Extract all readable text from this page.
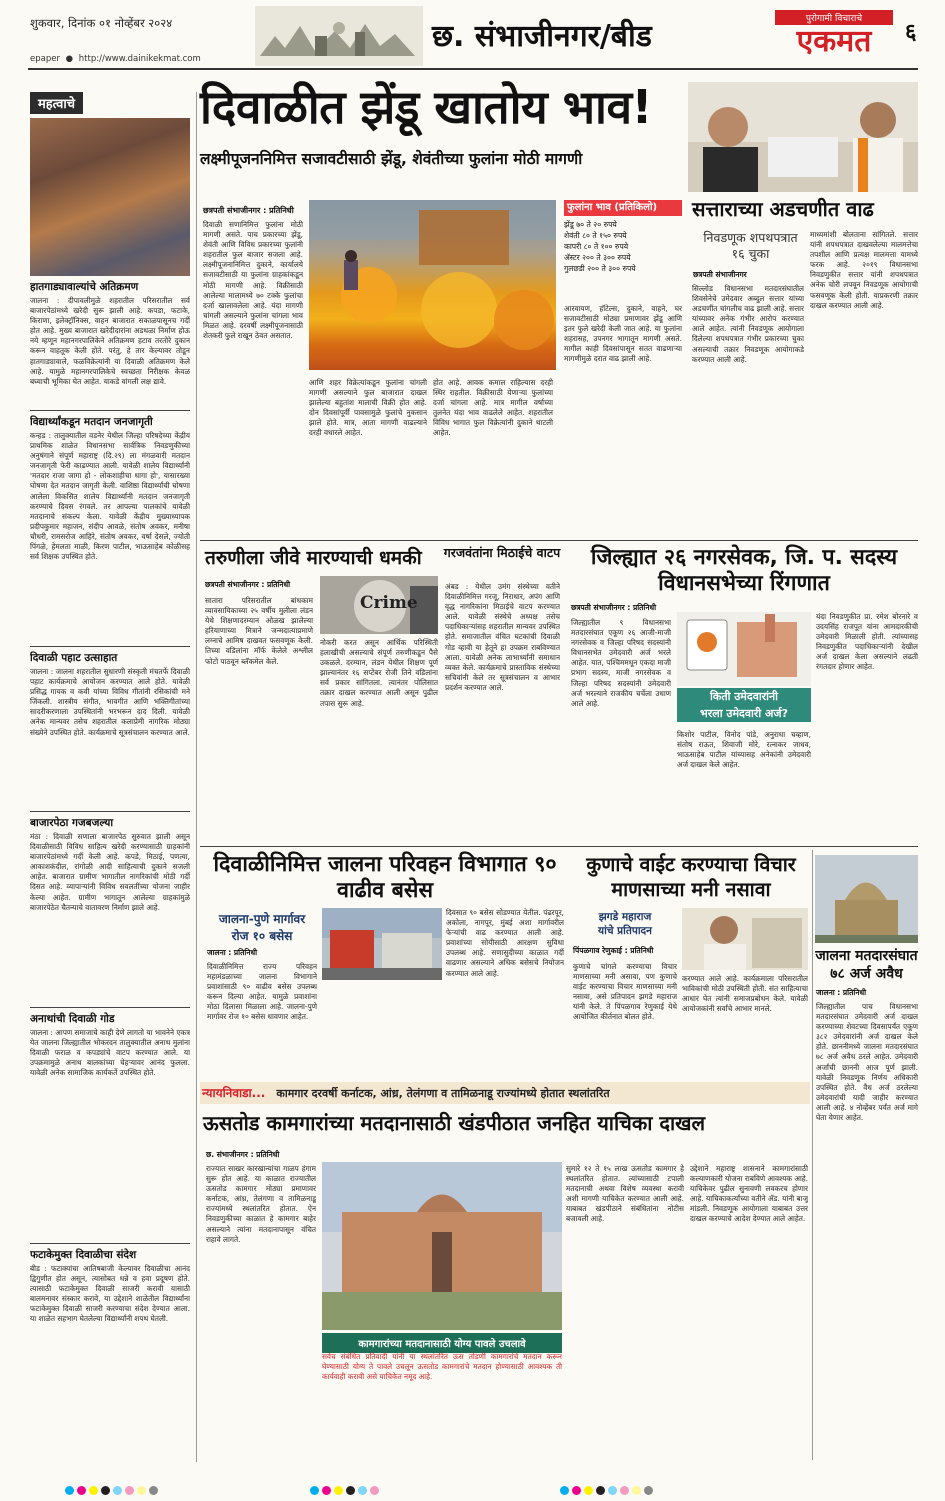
शुकवार, दिनांक ०१ नोव्हेंबर २०२४
epaper ● http://www.dainikekmat.com
छ. संभाजीनगर/बीड	पुरोगामी विचाराचे
एकमत	६
महत्वाचे
हातगाड्यावाल्यांचे अतिक्रमण

जालना : दीपावलीमुळे शहरातील परिसरातील सर्व बाजारपेठांमध्ये खरेदी सुरू झाली आहे. कपडा, फटाके, किराणा, इलेक्ट्रॉनिक्स, वाहन बाजारात सकाळपासूनच गर्दी होत आहे. मुख्य बाजारात खरेदीदारांना अडथळा निर्माण होऊ नये म्हणून महानगरपालिकेने अतिक्रमण हटाव तरतोरे दुकान करून वाहतूक केली होते. परंतु, हे तार केल्यावर तोडून हातगाड्यावाले, फळविक्रेत्यांनी या दिवाळी अतिक्रमण केले आहे. यामुळे महानगरपालिकेचे स्वच्छता निरीक्षक केवळ बघ्याची भूमिका घेत आहेत. याकडे वांगली लक्ष द्यावे.

विद्यार्थ्यांकडून मतदान जनजागृती

कन्हड : तालुक्यातील वडनेर येथील जिल्हा परिषदेच्या केंद्रीय प्राथमिक शाळेत विधानसभा सार्वत्रिक निवडणुकीच्या अनुषंगाने संपूर्ण महाराष्ट्र (दि.२९) ला मंगळवारी मतदान जनजागृती फेरी काढण्यात आली. यावेळी शालेय विद्यार्थ्यांनी 'मतदार राजा जागा हो - लोकशाहीचा धागा हो', यासारख्या घोषणा देत मतदान जागृती केली. वाशिष्ठा विद्यार्थ्यांची घोषणा आलेला विकसित शालेय विद्यार्थ्यांनी मतदान जनजागृती करण्याचे दिवस रंगवले. तर आपल्या पालकांचे यावेळी मतदानाचे संकल्प केला. यावेळी केंद्रीय मुख्याध्यापक प्रदीपकुमार महाजन, संदीप आवळे, संतोष अवकर, मनीषा चौधरी, रामसरोज आहिरे, संतोष अवकर, वर्षा देसले, ज्योती पिंगळे, हेमलता माळी, किरण पाटील, भाऊसाहेब कोळीसह सर्व शिक्षक उपस्थित होते.

दिवाळी पहाट उत्साहात

जालना : जालना शहरातील सुधारणी संस्कृती मंचतर्फे दिवाळी पहाट कार्यक्रमाचे आयोजन करण्यात आले होते. यावेळी प्रसिद्ध गायक व कवी यांच्या विविध गीतांनी रसिकांची मने जिंकली. शास्त्रीय संगीत, भावगीत आणि भक्तिगीतांच्या सादरीकरणाला उपस्थितांनी भरभरून दाद दिली. यावेळी अनेक मान्यवर तसेच शहरातील कलाप्रेमी नागरिक मोठ्या संख्येने उपस्थित होते. कार्यक्रमाचे सूत्रसंचालन करण्यात आले.

बाजारपेठा गजबजल्या

मंठा : दिवाळी सणाला बाजारपेठ सुरुवात झाली असून दिवाळीसाठी विविध साहित्य खरेदी करण्यासाठी ग्राहकांनी बाजारपेठांमध्ये गर्दी केली आहे. कपडे, मिठाई, पणत्या, आकाशकंदील, रांगोळी आदी साहित्याची दुकाने सजली आहेत. बाजारात ग्रामीण भागातील नागरिकांची मोठी गर्दी दिसत आहे. व्यापाऱ्यांनी विविध सवलतींच्या योजना जाहीर केल्या आहेत. ग्रामीण भागातून आलेल्या ग्राहकांमुळे बाजारपेठेत चैतन्याचे वातावरण निर्माण झाले आहे.

अनाथांची दिवाळी गोड

जालना : आपण समाजाचे काही देणे लागतो या भावनेने एकत्र येत जालना जिल्ह्यातील भोकरदन तालुक्यातील अनाथ मुलांना दिवाळी फराळ व कपड्यांचे वाटप करण्यात आले. या उपक्रमामुळे अनाथ बालकांच्या चेहऱ्यावर आनंद फुलला. यावेळी अनेक सामाजिक कार्यकर्ते उपस्थित होते.

फटाकेमुक्त दिवाळीचा संदेश

बीड : फटाक्यांचा आतिषबाजी केल्यावर दिवाळीचा आनंद द्विगुणीत होत असून, त्यासोबत धन्ने व हवा प्रदूषण होते. त्यासाठी फटाकेमुक्त दिवाळी साजरी करावी यासाठी बालमनावर संस्कार करावे, या उद्देशाने शाळेतील विद्यार्थ्यांना फटाकेमुक्त दिवाळी साजरी करण्याचा संदेश देण्यात आला. या शाळेत सहभाग घेतलेल्या विद्यार्थ्यांनी शपथ घेतली.

दिवाळीत झेंडू खातोय भाव!
लक्ष्मीपूजननिमित्त सजावटीसाठी झेंडू, शेवंतीच्या फुलांना मोठी मागणी
छत्रपती संभाजीनगर : प्रतिनिधी

दिवाळी सणानिमित्त फुलांना मोठी मागणी असते. पाच प्रकारच्या झेंडू, शेवंती आणि विविध प्रकारच्या फुलांनी शहरातील फुल बाजार सजला आहे. लक्ष्मीपूजनानिमित्त दुकाने, कार्यालये सजावटीसाठी या फुलांना ग्राहकांकडून मोठी मागणी आहे. विक्रीसाठी आलेल्या मालामध्ये ७० टक्के फुलांचा दर्जा खालावलेला आहे. यंदा मागणी चांगली असल्याने फुलांना चांगला भाव मिळत आहे. दरवर्षी लक्ष्मीपूजनासाठी शेतकरी फुले राखून ठेवत असतात.

आणि शहर विक्रेत्यांकडून फुलांना चांगली मागणी असल्याने फुल बाजारात दाखल झालेल्या बहुतांश मालाची विक्री होत आहे. दोन दिवसांपूर्वी पावसामुळे फुलांचे नुकसान झाले होते. मात्र, आता मागणी वाढल्याने दरही वधारले आहेत.

होत आहे. आवक कमाल राहिल्यास दरही स्थिर राहतील. विक्रीसाठी येणाऱ्या फुलांच्या दर्जा चांगला आहे. मात्र मागील वर्षाच्या तुलनेत यंदा भाव वाढलेले आहेत. शहरातील विविध भागात फुल विक्रेत्यांनी दुकाने थाटली आहेत.

फुलांना भाव (प्रतिकिलो)
झेंडू ७० ते २० रुपये
शेवंती ८० ते १५० रुपये
कापरी ८० ते १०० रुपये
ॲस्टर २०० ते ३०० रुपये
गुलछडी २०० ते ३०० रुपये

आरवायण, हॉटेल्स, दुकाने, वाहने, घर सजावटीसाठी मोठ्या प्रमाणावर झेंडू आणि इतर फुले खरेदी केली जात आहे. या फुलांना शहरासह, उपनगर भागातून मागणी असते. मागील काही दिवसांपासून सतत वाढणाऱ्या मागणीमुळे दरात वाढ झाली आहे.

सत्ताराच्या अडचणीत वाढ
निवडणूक शपथपत्रात १६ चुका
छत्रपती संभाजीनगर

सिल्लोड विधानसभा मतदारसंघातील शिवसेनेचे उमेदवार अब्दुल सत्तार यांच्या अडचणींत चांगलीच वाढ झाली आहे. सत्तार यांच्यावर अनेक गंभीर आरोप करण्यात आले आहेत. त्यांनी निवडणूक आयोगाला दिलेल्या शपथपत्रात गंभीर प्रकारच्या चुका असल्याची तक्रार निवडणूक आयोगाकडे करण्यात आली आहे.

माध्यमांशी बोलताना सांगितले. सत्तार यांनी शपथपत्रात दाखवलेल्या मालमत्तेचा तपशील आणि प्रत्यक्ष मालमत्ता यामध्ये फरक आहे. २०१९ विधानसभा निवडणुकीत सत्तार यांनी शपथपत्रात अनेक चोरी लपवून निवडणूक आयोगाची फसवणूक केली होती. याप्रकरणी तक्रार दाखल करण्यात आली आहे.

तरुणीला जीवे मारण्याची धमकी
छत्रपती संभाजीनगर : प्रतिनिधी
Crime

सातारा परिसरातील बांधकाम व्यावसायिकाच्या २५ वर्षीय मुलीला लंडन येथे शिक्षणादरम्यान ओळख झालेल्या हरियाणाच्या मित्राने जन्मदात्याप्रमाणे लग्नाचे आमिष दाखवत फसवणूक केली. तिच्या वडिलांना मॉर्फ केलेले अश्लील फोटो पाठवून ब्लॅकमेल केले.

नोकरी करत असून आर्थिक परिस्थिती हलाखीची असल्याचे संपूर्ण तरुणीकडून पैसे उकळले. दरम्यान, लंडन येथील शिक्षण पूर्ण झाल्यानंतर १६ सप्टेंबर रोजी तिने वडिलांना सर्व प्रकार सांगितला. त्यानंतर पोलिसात तक्रार दाखल करण्यात आली असून पुढील तपास सुरू आहे.

गरजवंतांना मिठाईचे वाटप

अंबड : येथील उमंग संस्थेच्या वतीने दिवाळीनिमित्त गरजू, निराधार, अपंग आणि वृद्ध नागरिकांना मिठाईचे वाटप करण्यात आले. यावेळी संस्थेचे अध्यक्ष तसेच पदाधिकाऱ्यांसह शहरातील मान्यवर उपस्थित होते. समाजातील वंचित घटकांची दिवाळी गोड व्हावी या हेतूने हा उपक्रम राबविण्यात आला. यावेळी अनेक लाभार्थ्यांनी समाधान व्यक्त केले. कार्यक्रमाचे प्रास्ताविक संस्थेच्या सचिवांनी केले तर सूत्रसंचालन व आभार प्रदर्शन करण्यात आले.

जिल्ह्यात २६ नगरसेवक, जि. प. सदस्य विधानसभेच्या रिंगणात
छत्रपती संभाजीनगर : प्रतिनिधी

जिल्ह्यातील ९ विधानसभा मतदारसंघात एकूण २६ आजी-माजी नगरसेवक व जिल्हा परिषद सदस्यांनी विधानसभेत उमेदवारी अर्ज भरले आहेत. यात, पश्चिममधून एकदा माजी प्रभाग सदस्य, माजी नगरसेवक व जिल्हा परिषद सदस्यांनी उमेदवारी अर्ज भरल्याने राजकीय चर्चेला उधाण आले आहे.

किती उमेदवारांनी
भरला उमेदवारी अर्ज?

किशोर पाटील, विनोद पांडे, अनुराधा चव्हाण, संतोष राऊत, शिवाजी मोरे, रत्नाकर जाधव, भाऊसाहेब पाटील यांच्यासह अनेकांनी उमेदवारी अर्ज दाखल केले आहेत.

यंदा निवडणुकीत प्रा. रमेश बोरनारे व उदयसिंह राजपूत यांना आमदारकीची उमेदवारी मिळाली होती. त्यांच्यासह निवडणुकीत पदाधिकाऱ्यांनी देखील अर्ज दाखल केला असल्याने लढती रंगतदार होणार आहेत.

दिवाळीनिमित्त जालना परिवहन विभागात ९० वाढीव बसेस
जालना-पुणे मार्गावर
रोज १० बसेस
जालना : प्रतिनिधी

दिवाळीनिमित्त राज्य परिवहन महामंडळाच्या जालना विभागाने प्रवाशांसाठी ९० वाढीव बसेस उपलब्ध करून दिल्या आहेत. यामुळे प्रवाशांना मोठा दिलासा मिळाला आहे. जालना-पुणे मार्गावर रोज १० बसेस धावणार आहेत.

दिवसात ९० बसेस सोडण्यात येतील. पंढरपूर, अकोला, नागपूर, मुंबई अशा मार्गावरील फेऱ्यांची वाढ करण्यात आली आहे. प्रवाशांच्या सोयीसाठी आरक्षण सुविधा उपलब्ध आहे. सणासुदीच्या काळात गर्दी वाढणार असल्याने अधिक बसेसचे नियोजन करण्यात आले आहे.

कुणाचे वाईट करण्याचा विचार माणसाच्या मनी नसावा
झगडे महाराज
यांचे प्रतिपादन
पिंपळगाव रेणुकाई : प्रतिनिधी

कुणाचे चांगले करण्याचा विचार माणसाच्या मनी असावा, पण कुणाचे वाईट करण्याचा विचार माणसाच्या मनी नसावा, असे प्रतिपादन झगडे महाराज यांनी केले. ते पिंपळगाव रेणुकाई येथे आयोजित कीर्तनात बोलत होते.

करण्यात आले आहे. कार्यक्रमाला परिसरातील भाविकांची मोठी उपस्थिती होती. संत साहित्याचा आधार घेत त्यांनी समाजप्रबोधन केले. यावेळी आयोजकांनी सर्वांचे आभार मानले.

जालना मतदारसंघात ७८ अर्ज अवैध
जालना : प्रतिनिधी

जिल्ह्यातील पाच विधानसभा मतदारसंघात उमेदवारी अर्ज दाखल करण्याच्या शेवटच्या दिवसापर्यंत एकूण ३८२ उमेदवारांनी अर्ज दाखल केले होते. छाननीमध्ये जालना मतदारसंघात ७८ अर्ज अवैध ठरले आहेत. उमेदवारी अर्जांची छाननी आज पूर्ण झाली. यावेळी निवडणूक निर्णय अधिकारी उपस्थित होते. वैध अर्ज ठरलेल्या उमेदवारांची यादी जाहीर करण्यात आली आहे. ४ नोव्हेंबर पर्यंत अर्ज मागे घेता येणार आहेत.

न्यायनिवाडा... कामगार दरवर्षी कर्नाटक, आंध्र, तेलंगणा व तामिळनाडू राज्यांमध्ये होतात स्थलांतरित
ऊसतोड कामगारांच्या मतदानासाठी खंडपीठात जनहित याचिका दाखल
छ. संभाजीनगर : प्रतिनिधी

राज्यात साखर कारखान्यांचा गाळप हंगाम सुरू होत आहे. या काळात राज्यातील ऊसतोड कामगार मोठ्या प्रमाणावर कर्नाटक, आंध्र, तेलंगणा व तामिळनाडू राज्यांमध्ये स्थलांतरित होतात. ऐन निवडणुकीच्या काळात हे कामगार बाहेर असल्याने त्यांना मतदानापासून वंचित राहावे लागते.

कामगारांच्या मतदानासाठी योग्य पावले उचलावे

सर्वच संबंधित प्रतिवादी यांनी या स्थलांतरित ऊस तोडणी कामगारांचे मतदान करून घेण्यासाठी योग्य ते पावले उचलून ऊसतोड कामगारांचे मतदान होण्यासाठी आवश्यक ती कार्यवाही करावी असे याचिकेत नमूद आहे.

सुमारे १२ ते १५ लाख ऊसतोड कामगार हे स्थलांतरित होतात. त्यांच्यासाठी टपाली मतदानाची अथवा विशेष व्यवस्था करावी अशी मागणी याचिकेत करण्यात आली आहे. याबाबत खंडपीठाने संबंधितांना नोटीस बजावली आहे.

उद्देशाने महाराष्ट्र शासनाने कामगारांसाठी कल्याणकारी योजना राबविणे आवश्यक आहे. याचिकेवर पुढील सुनावणी लवकरच होणार आहे. याचिकाकर्त्यांच्या वतीने ॲड. यांनी बाजू मांडली. निवडणूक आयोगाला याबाबत उत्तर दाखल करण्याचे आदेश देण्यात आले आहेत.
